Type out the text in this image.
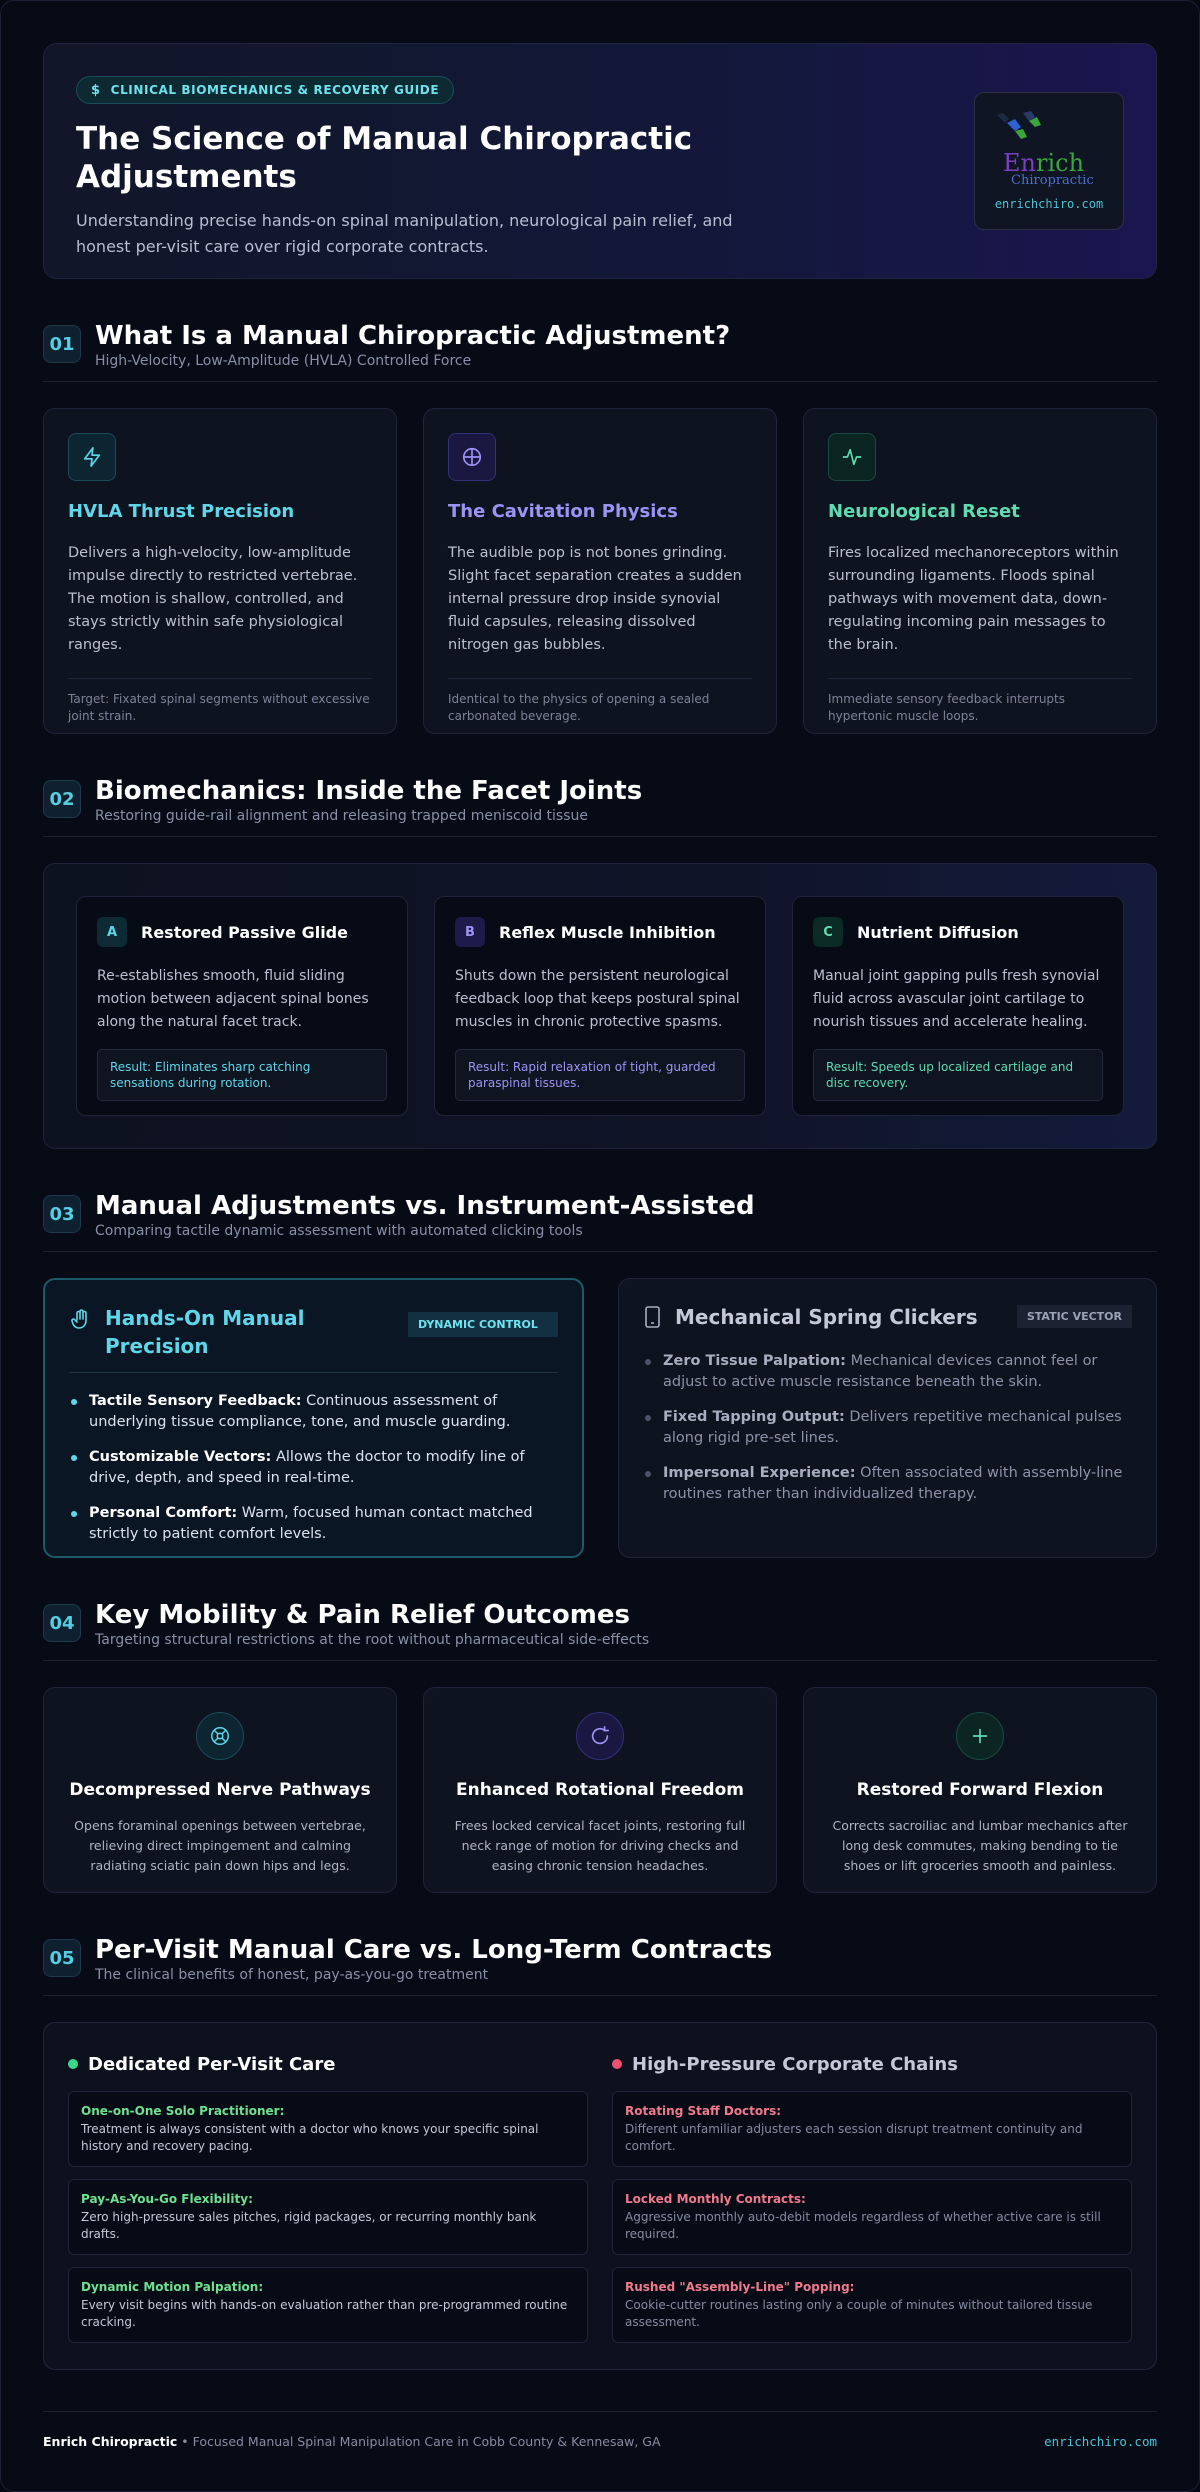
$ CLINICAL BIOMECHANICS & RECOVERY GUIDE
The Science of Manual Chiropractic Adjustments
Understanding precise hands-on spinal manipulation, neurological pain relief, and honest per-visit care over rigid corporate contracts.
Enrich
Chiropractic
enrichchiro.com
01 What Is a Manual Chiropractic Adjustment?
High-Velocity, Low-Amplitude (HVLA) Controlled Force
HVLA Thrust Precision
Delivers a high-velocity, low-amplitude impulse directly to restricted vertebrae. The motion is shallow, controlled, and stays strictly within safe physiological ranges.
Target: Fixated spinal segments without excessive joint strain.
The Cavitation Physics
The audible pop is not bones grinding. Slight facet separation creates a sudden internal pressure drop inside synovial fluid capsules, releasing dissolved nitrogen gas bubbles.
Identical to the physics of opening a sealed carbonated beverage.
Neurological Reset
Fires localized mechanoreceptors within surrounding ligaments. Floods spinal pathways with movement data, down-regulating incoming pain messages to the brain.
Immediate sensory feedback interrupts hypertonic muscle loops.
02 Biomechanics: Inside the Facet Joints
Restoring guide-rail alignment and releasing trapped meniscoid tissue
A	Restored Passive Glide
Re-establishes smooth, fluid sliding motion between adjacent spinal bones along the natural facet track.
Result: Eliminates sharp catching sensations during rotation.
B	Reflex Muscle Inhibition
Shuts down the persistent neurological feedback loop that keeps postural spinal muscles in chronic protective spasms.
Result: Rapid relaxation of tight, guarded paraspinal tissues.
C	Nutrient Diffusion
Manual joint gapping pulls fresh synovial fluid across avascular joint cartilage to nourish tissues and accelerate healing.
Result: Speeds up localized cartilage and disc recovery.
03 Manual Adjustments vs. Instrument-Assisted
Comparing tactile dynamic assessment with automated clicking tools
Hands-On Manual Precision
DYNAMIC CONTROL
Tactile Sensory Feedback: Continuous assessment of underlying tissue compliance, tone, and muscle guarding.
Customizable Vectors: Allows the doctor to modify line of drive, depth, and speed in real-time.
Personal Comfort: Warm, focused human contact matched strictly to patient comfort levels.
Mechanical Spring Clickers	STATIC VECTOR
Zero Tissue Palpation: Mechanical devices cannot feel or adjust to active muscle resistance beneath the skin.
Fixed Tapping Output: Delivers repetitive mechanical pulses along rigid pre-set lines.
Impersonal Experience: Often associated with assembly-line routines rather than individualized therapy.
04 Key Mobility & Pain Relief Outcomes
Targeting structural restrictions at the root without pharmaceutical side-effects
Decompressed Nerve Pathways
Opens foraminal openings between vertebrae, relieving direct impingement and calming radiating sciatic pain down hips and legs.
Enhanced Rotational Freedom
Frees locked cervical facet joints, restoring full neck range of motion for driving checks and easing chronic tension headaches.
Restored Forward Flexion
Corrects sacroiliac and lumbar mechanics after long desk commutes, making bending to tie shoes or lift groceries smooth and painless.
05 Per-Visit Manual Care vs. Long-Term Contracts
The clinical benefits of honest, pay-as-you-go treatment
Dedicated Per-Visit Care
One-on-One Solo Practitioner:
Treatment is always consistent with a doctor who knows your specific spinal history and recovery pacing.
Pay-As-You-Go Flexibility:
Zero high-pressure sales pitches, rigid packages, or recurring monthly bank drafts.
Dynamic Motion Palpation:
Every visit begins with hands-on evaluation rather than pre-programmed routine cracking.
High-Pressure Corporate Chains
Rotating Staff Doctors:
Different unfamiliar adjusters each session disrupt treatment continuity and comfort.
Locked Monthly Contracts:
Aggressive monthly auto-debit models regardless of whether active care is still required.
Rushed "Assembly-Line" Popping:
Cookie-cutter routines lasting only a couple of minutes without tailored tissue assessment.
Enrich Chiropractic • Focused Manual Spinal Manipulation Care in Cobb County & Kennesaw, GA	enrichchiro.com
